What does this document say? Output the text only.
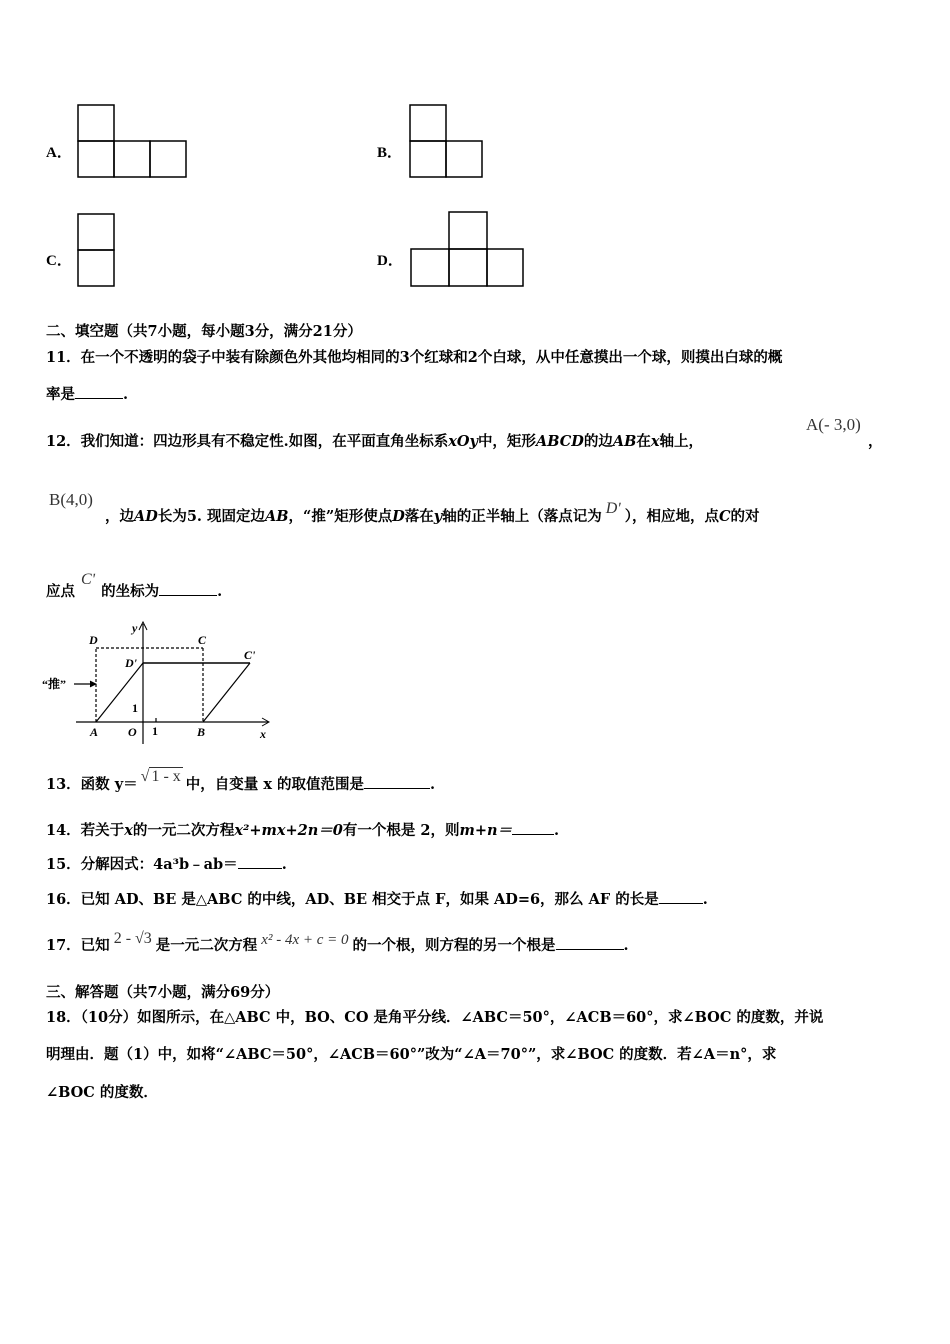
A．	B．
C．	D．
二、填空题（共7小题，每小题3分，满分21分）
11．在一个不透明的袋子中装有除颜色外其他均相同的3个红球和2个白球，从中任意摸出一个球，则摸出白球的概
率是	.
A(- 3,0)
12．我们知道：四边形具有不稳定性.如图，在平面直角坐标系xOy中，矩形ABCD的边AB在x轴上，	，
B(4,0)
，边AD长为5. 现固定边AB，“推”矩形使点D落在y轴的正半轴上（落点记为 Dʹ ），相应地，点C的对
应点Cʹ的坐标为	.
D	C
D'
C'
A O	B
y
x
“推”
1
1
13．函数 y＝ √ 1 - x 中，自变量 x 的取值范围是	.
14．若关于x的一元二次方程x²+mx+2n＝0有一个根是 2，则m+n＝	.
15．分解因式：4a³b﹣ab＝	.
16．已知 AD、BE 是△ABC 的中线，AD、BE 相交于点 F，如果 AD=6，那么 AF 的长是	.
17．已知 2 - √3 是一元二次方程 x² - 4x + c = 0 的一个根，则方程的另一个根是	.
三、解答题（共7小题，满分69分）
18．（10分）如图所示，在△ABC 中，BO、CO 是角平分线．∠ABC＝50°，∠ACB＝60°，求∠BOC 的度数，并说
明理由．题（1）中，如将“∠ABC＝50°，∠ACB＝60°”改为“∠A＝70°”，求∠BOC 的度数．若∠A＝n°，求
∠BOC 的度数．
